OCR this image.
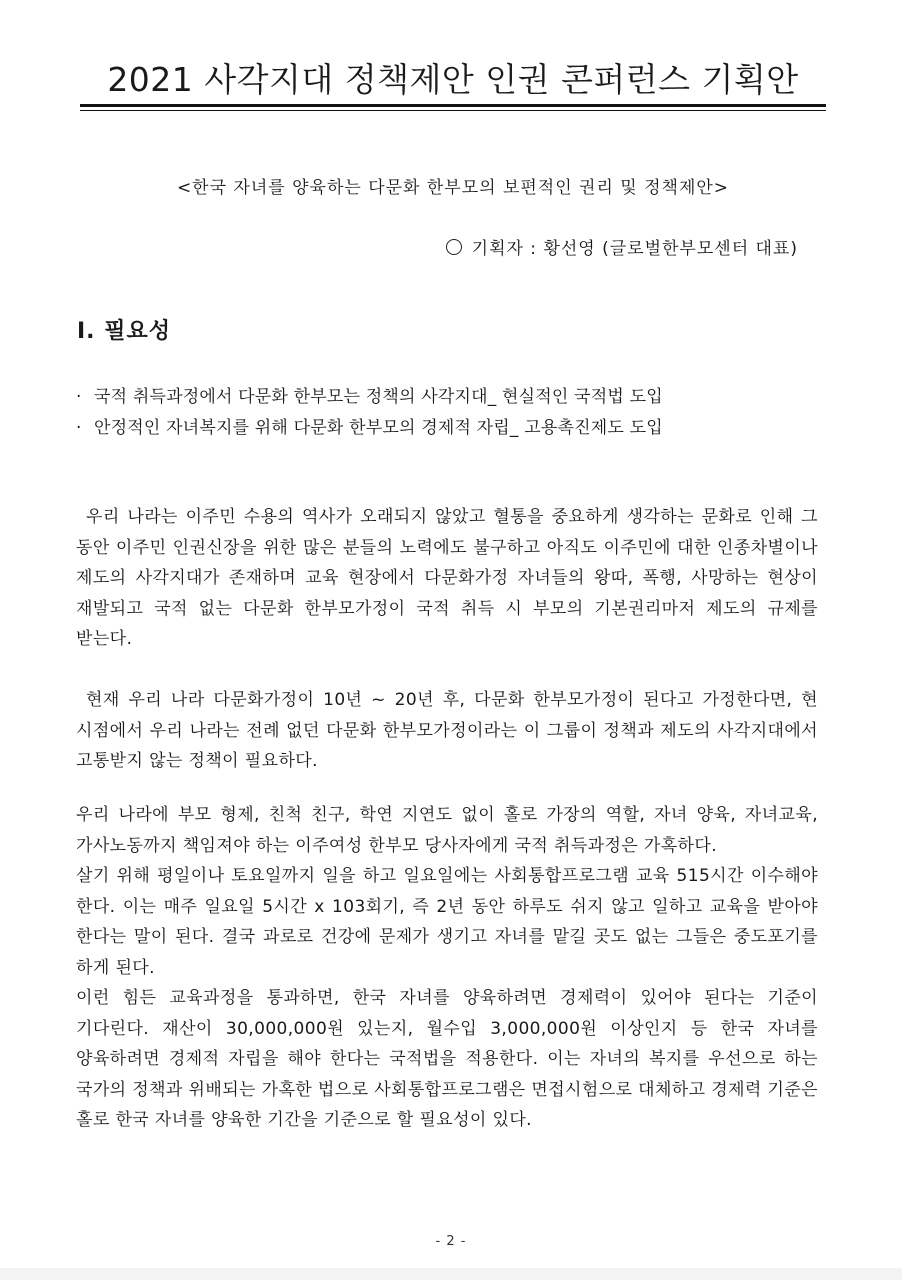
2021 사각지대 정책제안 인권 콘퍼런스 기획안

<한국 자녀를 양육하는 다문화 한부모의 보편적인 권리 및 정책제안>

기획자 : 황선영 (글로벌한부모센터 대표)
Ⅰ. 필요성
· 국적 취득과정에서 다문화 한부모는 정책의 사각지대_ 현실적인 국적법 도입
· 안정적인 자녀복지를 위해 다문화 한부모의 경제적 자립_ 고용촉진제도 도입

우리 나라는 이주민 수용의 역사가 오래되지 않았고 혈통을 중요하게 생각하는 문화로 인해 그 동안 이주민 인권신장을 위한 많은 분들의 노력에도 불구하고 아직도 이주민에 대한 인종차별이나 제도의 사각지대가 존재하며 교육 현장에서 다문화가정 자녀들의 왕따, 폭행, 사망하는 현상이 재발되고 국적 없는 다문화 한부모가정이 국적 취득 시 부모의 기본권리마저 제도의 규제를 받는다.

현재 우리 나라 다문화가정이 10년 ~ 20년 후, 다문화 한부모가정이 된다고 가정한다면, 현 시점에서 우리 나라는 전례 없던 다문화 한부모가정이라는 이 그룹이 정책과 제도의 사각지대에서 고통받지 않는 정책이 필요하다.

우리 나라에 부모 형제, 친척 친구, 학연 지연도 없이 홀로 가장의 역할, 자녀 양육, 자녀교육, 가사노동까지 책임져야 하는 이주여성 한부모 당사자에게 국적 취득과정은 가혹하다.

살기 위해 평일이나 토요일까지 일을 하고 일요일에는 사회통합프로그램 교육 515시간 이수해야 한다. 이는 매주 일요일 5시간 x 103회기, 즉 2년 동안 하루도 쉬지 않고 일하고 교육을 받아야 한다는 말이 된다. 결국 과로로 건강에 문제가 생기고 자녀를 맡길 곳도 없는 그들은 중도포기를 하게 된다.

이런 힘든 교육과정을 통과하면, 한국 자녀를 양육하려면 경제력이 있어야 된다는 기준이 기다린다. 재산이 30,000,000원 있는지, 월수입 3,000,000원 이상인지 등 한국 자녀를 양육하려면 경제적 자립을 해야 한다는 국적법을 적용한다. 이는 자녀의 복지를 우선으로 하는 국가의 정책과 위배되는 가혹한 법으로 사회통합프로그램은 면접시험으로 대체하고 경제력 기준은 홀로 한국 자녀를 양육한 기간을 기준으로 할 필요성이 있다.

- 2 -
